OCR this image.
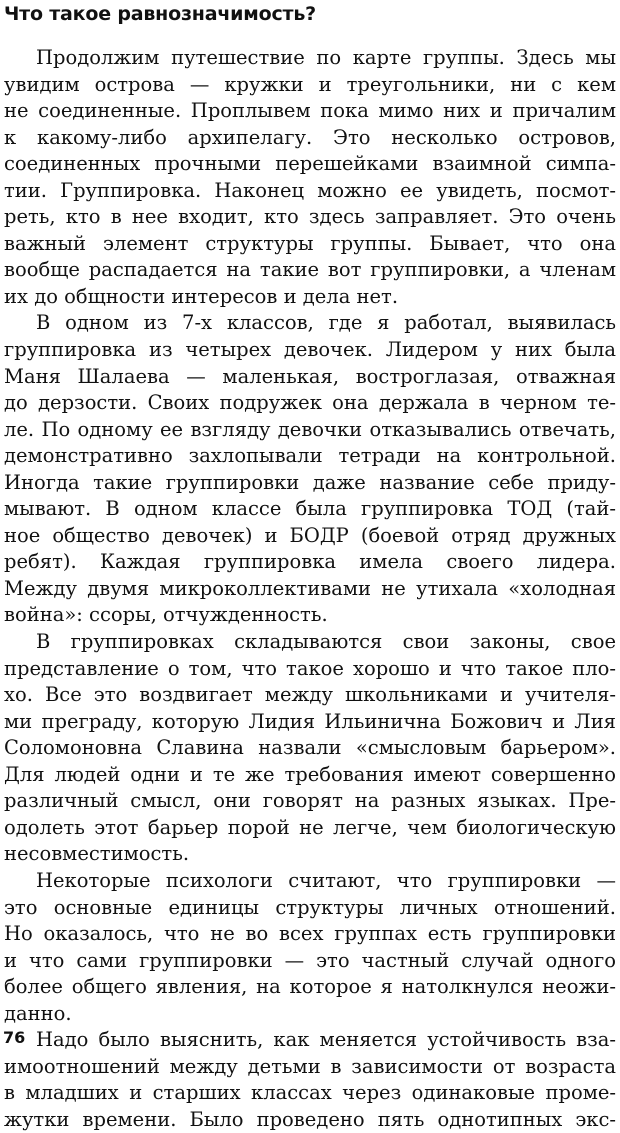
Что такое равнозначимость?
Продолжим путешествие по карте группы. Здесь мы
увидим острова — кружки и треугольники, ни с кем
не соединенные. Проплывем пока мимо них и причалим
к какому-либо архипелагу. Это несколько островов,
соединенных прочными перешейками взаимной симпа-
тии. Группировка. Наконец можно ее увидеть, посмот-
реть, кто в нее входит, кто здесь заправляет. Это очень
важный элемент структуры группы. Бывает, что она
вообще распадается на такие вот группировки, а членам
их до общности интересов и дела нет.
В одном из 7-х классов, где я работал, выявилась
группировка из четырех девочек. Лидером у них была
Маня Шалаева — маленькая, востроглазая, отважная
до дерзости. Своих подружек она держала в черном те-
ле. По одному ее взгляду девочки отказывались отвечать,
демонстративно захлопывали тетради на контрольной.
Иногда такие группировки даже название себе приду-
мывают. В одном классе была группировка ТОД (тай-
ное общество девочек) и БОДР (боевой отряд дружных
ребят). Каждая группировка имела своего лидера.
Между двумя микроколлективами не утихала «холодная
война»: ссоры, отчужденность.
В группировках складываются свои законы, свое
представление о том, что такое хорошо и что такое пло-
хо. Все это воздвигает между школьниками и учителя-
ми преграду, которую Лидия Ильинична Божович и Лия
Соломоновна Славина назвали «смысловым барьером».
Для людей одни и те же требования имеют совершенно
различный смысл, они говорят на разных языках. Пре-
одолеть этот барьер порой не легче, чем биологическую
несовместимость.
Некоторые психологи считают, что группировки —
это основные единицы структуры личных отношений.
Но оказалось, что не во всех группах есть группировки
и что сами группировки — это частный случай одного
более общего явления, на которое я натолкнулся неожи-
данно.
Надо было выяснить, как меняется устойчивость вза-
имоотношений между детьми в зависимости от возраста
в младших и старших классах через одинаковые проме-
жутки времени. Было проведено пять однотипных экс-
76
